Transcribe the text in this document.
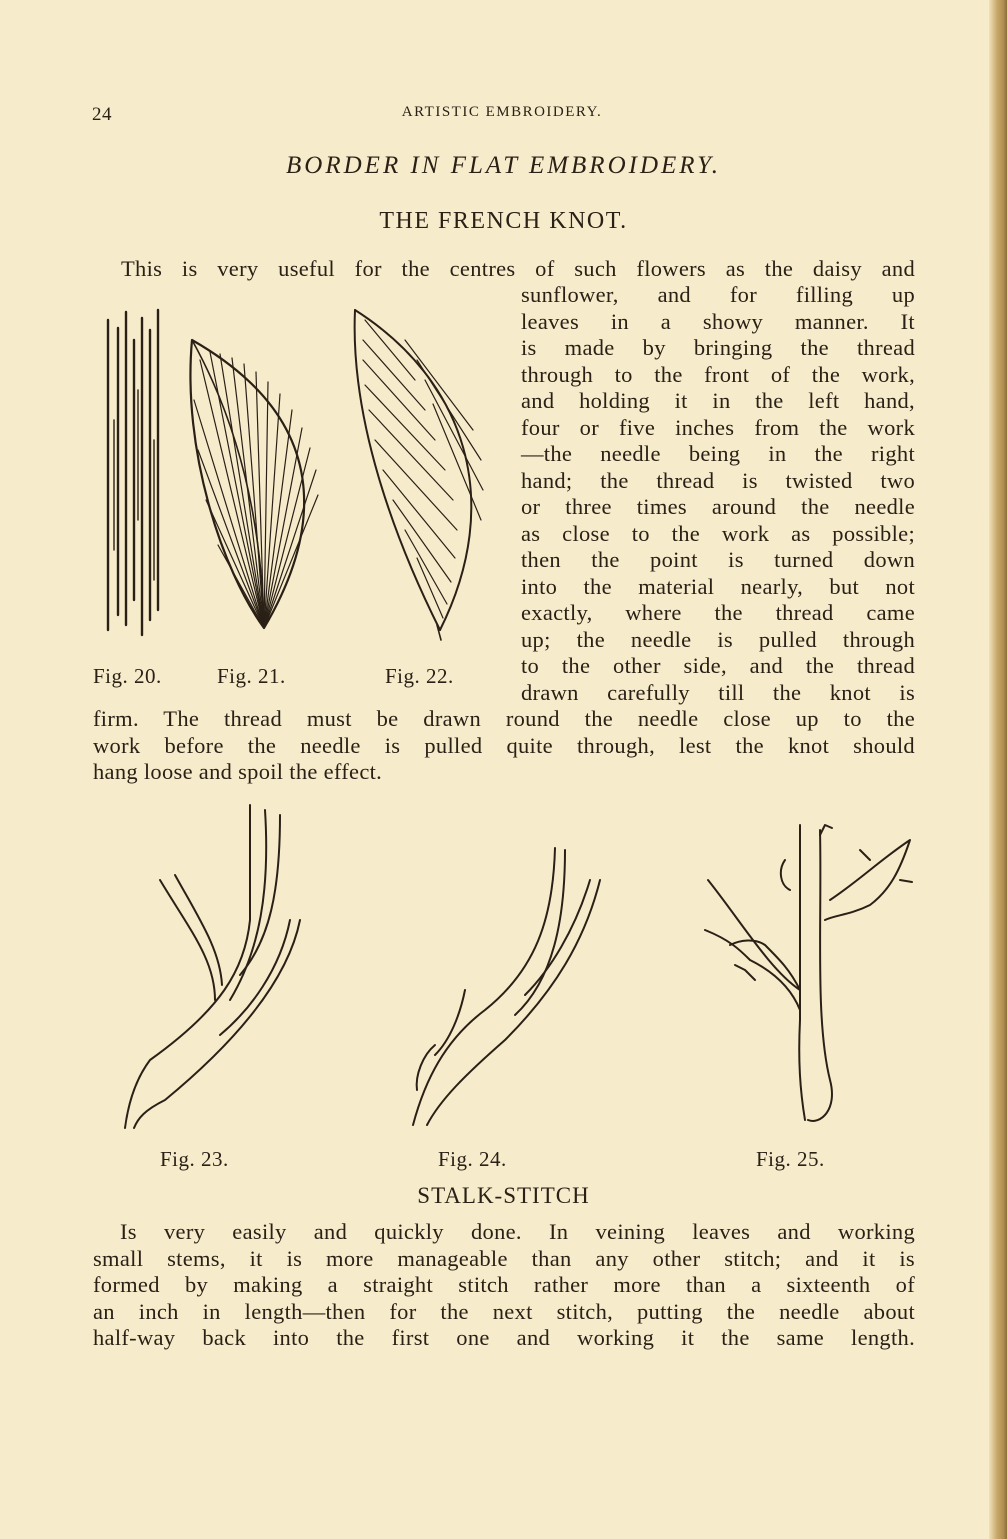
ARTISTIC EMBROIDERY.
24
BORDER IN FLAT EMBROIDERY.
THE FRENCH KNOT.
This is very useful for the centres of such flowers as the daisy and
sunflower, and for filling up
leaves in a showy manner. It
is made by bringing the thread
through to the front of the work,
and holding it in the left hand,
four or five inches from the work
—the needle being in the right
hand; the thread is twisted two
or three times around the needle
as close to the work as possible;
then the point is turned down
into the material nearly, but not
exactly, where the thread came
up; the needle is pulled through
to the other side, and the thread
drawn carefully till the knot is
firm. The thread must be drawn round the needle close up to the
work before the needle is pulled quite through, lest the knot should
hang loose and spoil the effect.
Fig. 20.	Fig. 21.	Fig. 22.
Fig. 23.	Fig. 24.	Fig. 25.
STALK-STITCH
Is very easily and quickly done. In veining leaves and working
small stems, it is more manageable than any other stitch; and it is
formed by making a straight stitch rather more than a sixteenth of
an inch in length—then for the next stitch, putting the needle about
half-way back into the first one and working it the same length.
